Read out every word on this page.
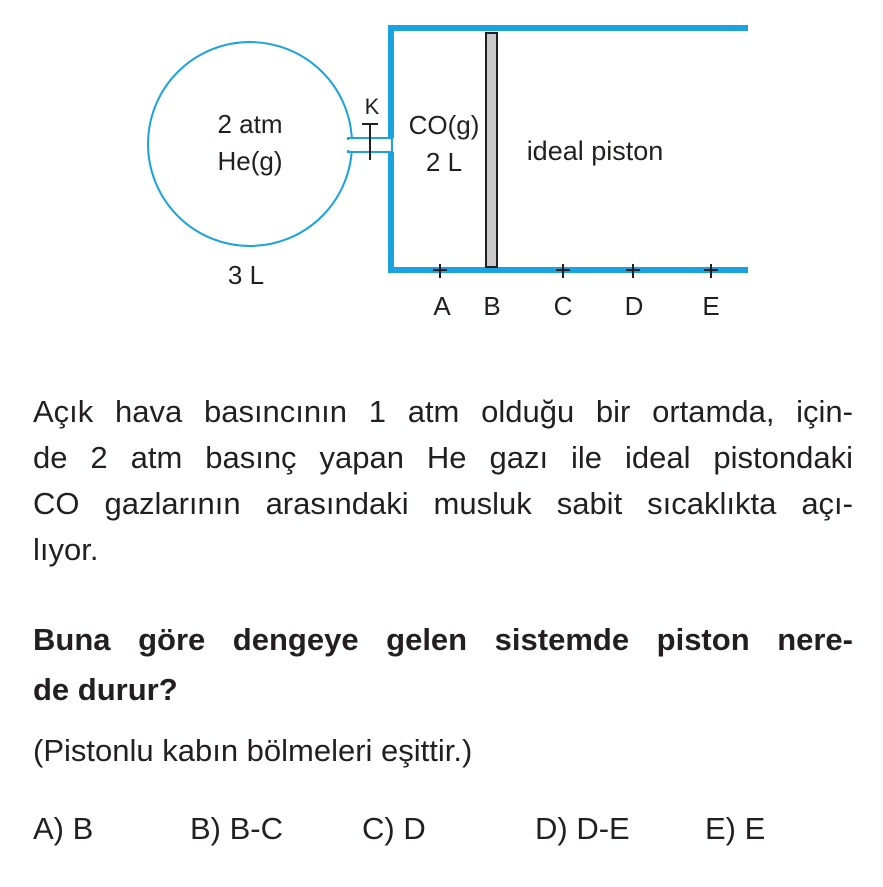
K
2 atm
He(g)
3 L
CO(g)
2 L ideal piston
A B C D E

Açık hava basıncının 1 atm olduğu bir ortamda, için-
de 2 atm basınç yapan He gazı ile ideal pistondaki
CO gazlarının arasındaki musluk sabit sıcaklıkta açı-
lıyor.

Buna göre dengeye gelen sistemde piston nere-
de durur?

(Pistonlu kabın bölmeleri eşittir.)

A) B	B) B-C	C) D	D) D-E E) E
